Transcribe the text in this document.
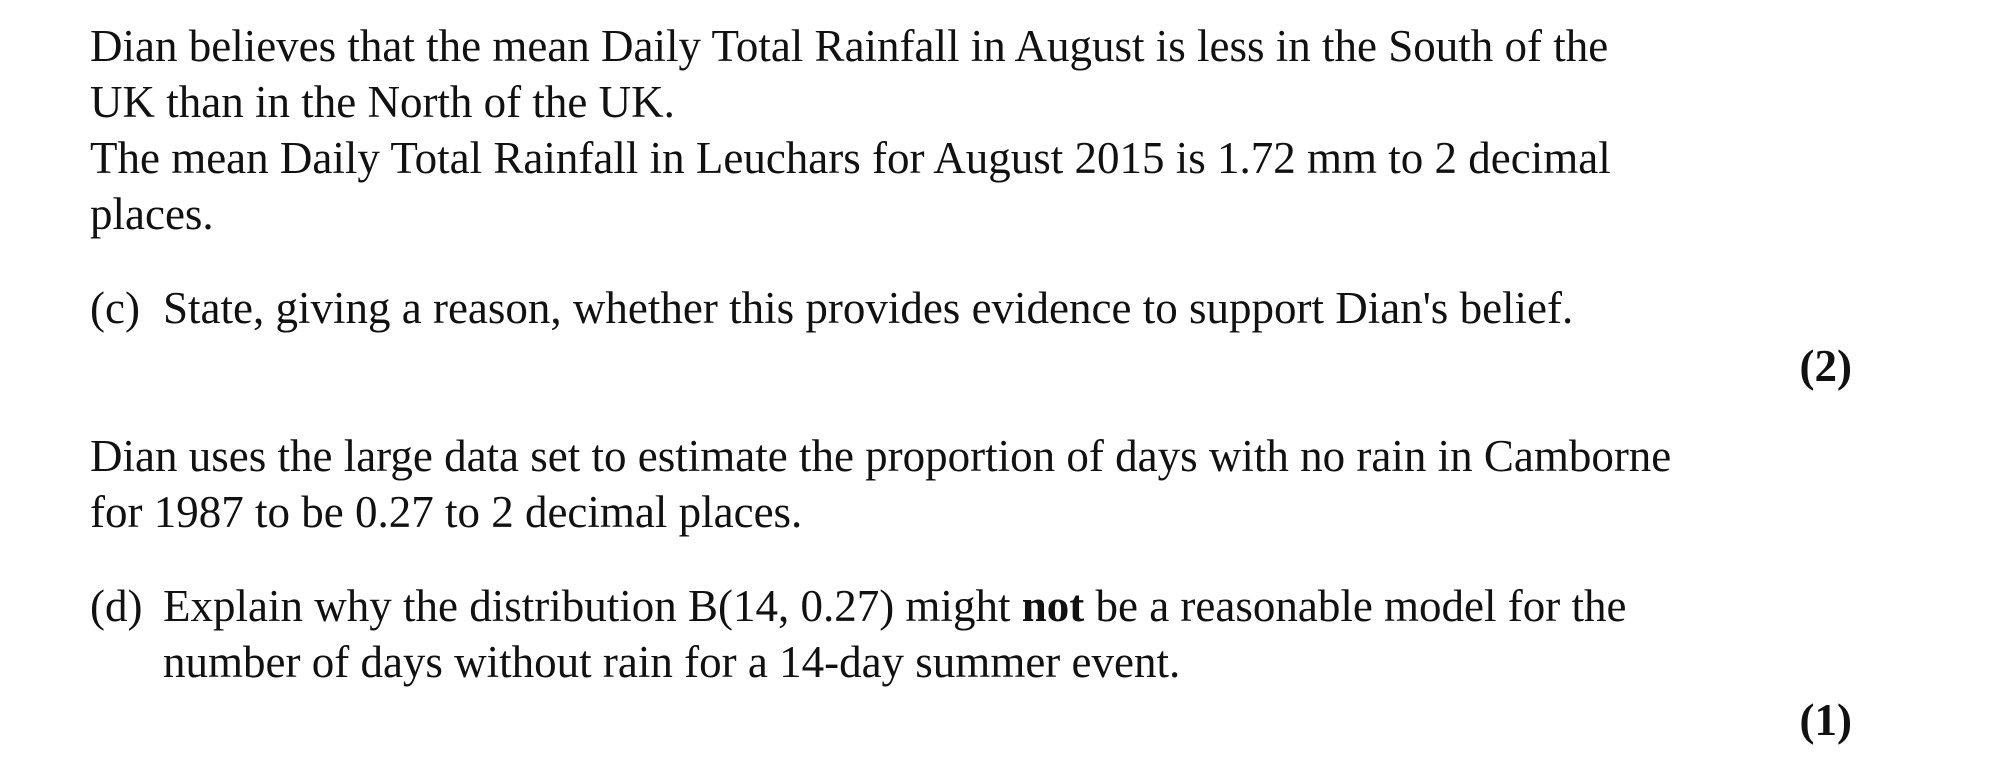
Dian believes that the mean Daily Total Rainfall in August is less in the South of the
UK than in the North of the UK.
The mean Daily Total Rainfall in Leuchars for August 2015 is 1.72 mm to 2 decimal
places.
(c) State, giving a reason, whether this provides evidence to support Dian's belief.
(2)
Dian uses the large data set to estimate the proportion of days with no rain in Camborne
for 1987 to be 0.27 to 2 decimal places.
(d) Explain why the distribution B(14, 0.27) might not be a reasonable model for the
number of days without rain for a 14-day summer event.
(1)
